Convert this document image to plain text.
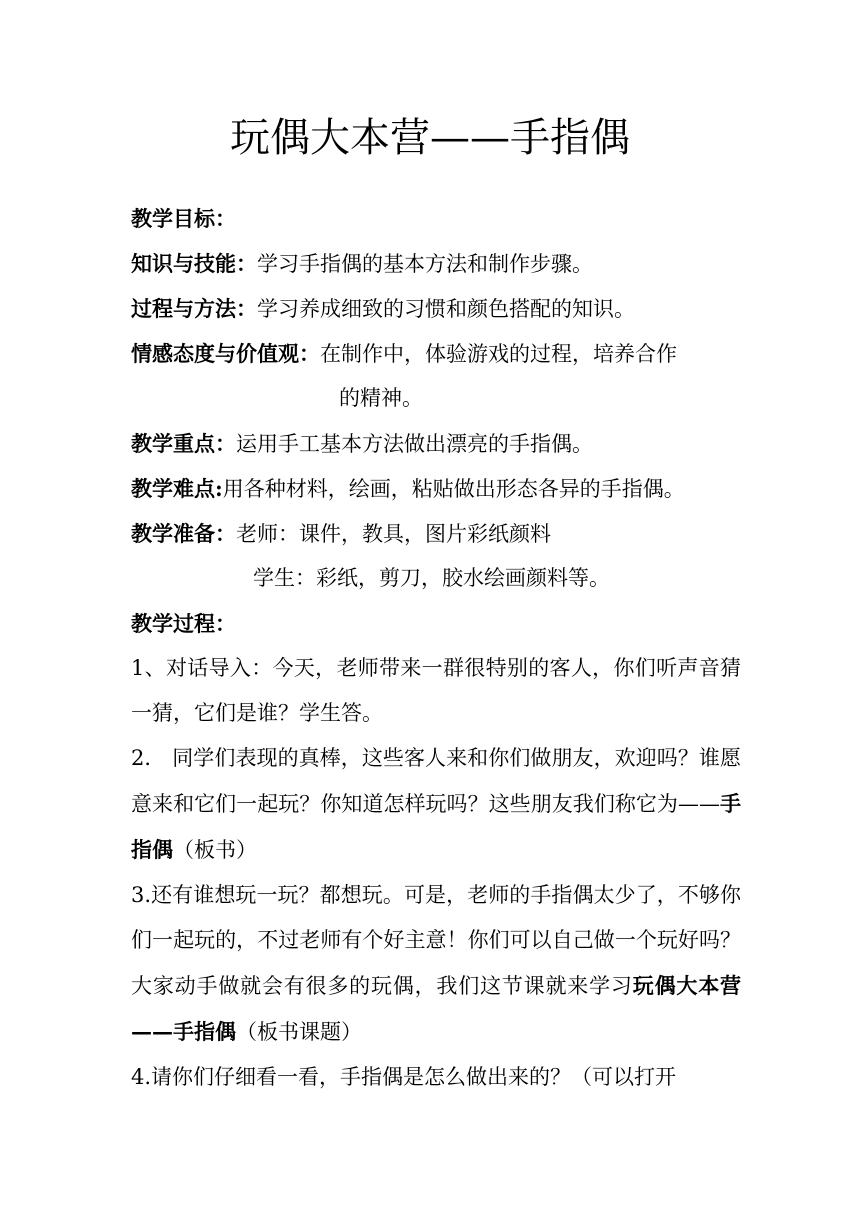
玩偶大本营——手指偶
教学目标：
知识与技能：学习手指偶的基本方法和制作步骤。
过程与方法：学习养成细致的习惯和颜色搭配的知识。
情感态度与价值观：在制作中，体验游戏的过程，培养合作
的精神。
教学重点：运用手工基本方法做出漂亮的手指偶。
教学难点:用各种材料，绘画，粘贴做出形态各异的手指偶。
教学准备：老师：课件，教具，图片彩纸颜料
学生：彩纸，剪刀，胶水绘画颜料等。
教学过程：
1、对话导入：今天，老师带来一群很特别的客人，你们听声音猜一猜，它们是谁？学生答。
2． 同学们表现的真棒，这些客人来和你们做朋友，欢迎吗？谁愿意来和它们一起玩？你知道怎样玩吗？这些朋友我们称它为——手指偶（板书）
3.还有谁想玩一玩？都想玩。可是，老师的手指偶太少了，不够你们一起玩的，不过老师有个好主意！你们可以自己做一个玩好吗？大家动手做就会有很多的玩偶，我们这节课就来学习玩偶大本营——手指偶（板书课题）
4.请你们仔细看一看，手指偶是怎么做出来的？（可以打开
